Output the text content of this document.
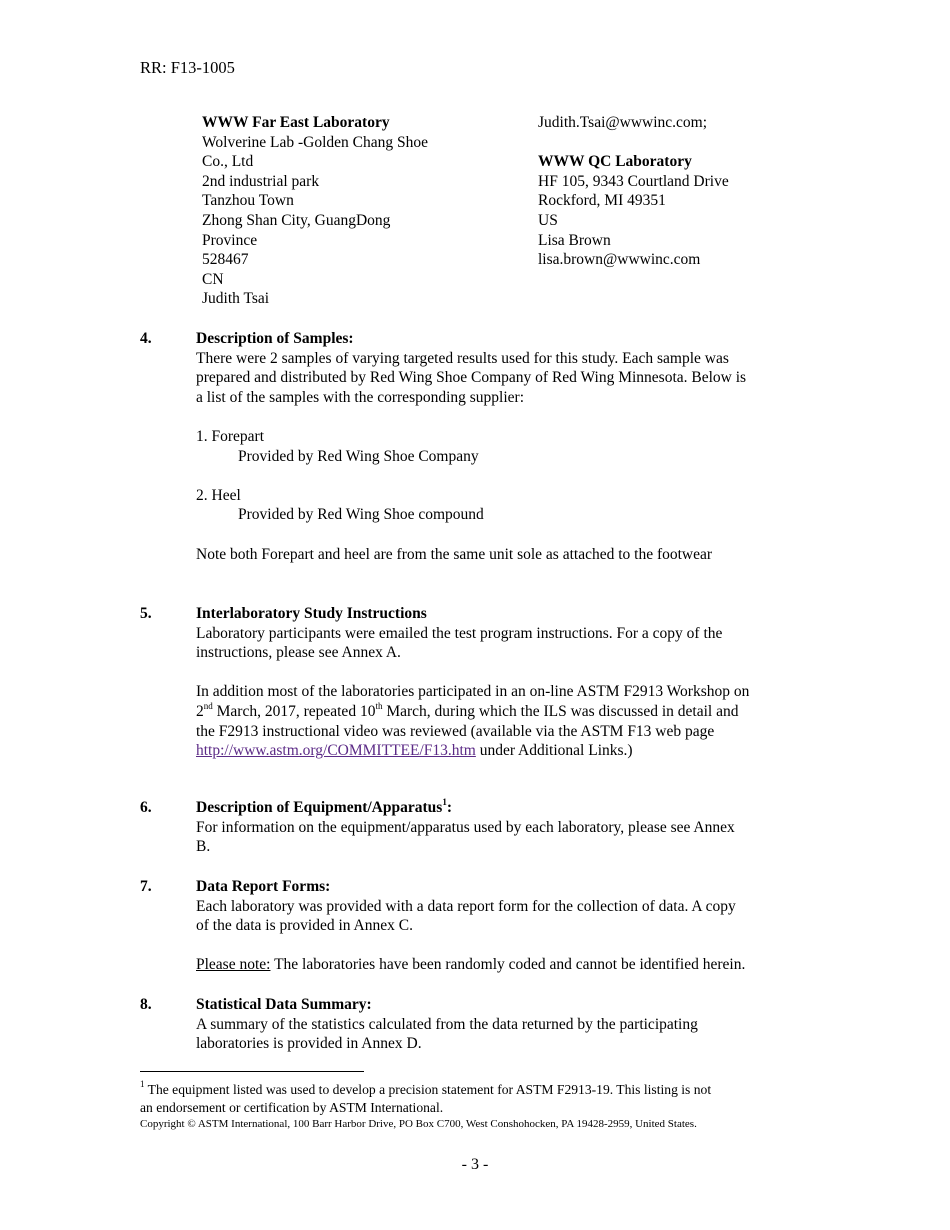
RR: F13-1005
WWW Far East Laboratory
Wolverine Lab -Golden Chang Shoe
Co., Ltd
2nd industrial park
Tanzhou Town
Zhong Shan City, GuangDong
Province
528467
CN
Judith Tsai
Judith.Tsai@wwwinc.com;

WWW QC Laboratory
HF 105, 9343 Courtland Drive
Rockford, MI 49351
US
Lisa Brown
lisa.brown@wwwinc.com
4.	Description of Samples:
There were 2 samples of varying targeted results used for this study. Each sample was
prepared and distributed by Red Wing Shoe Company of Red Wing Minnesota. Below is
a list of the samples with the corresponding supplier:

1. Forepart
Provided by Red Wing Shoe Company

2. Heel
Provided by Red Wing Shoe compound

Note both Forepart and heel are from the same unit sole as attached to the footwear
5.	Interlaboratory Study Instructions
Laboratory participants were emailed the test program instructions. For a copy of the
instructions, please see Annex A.

In addition most of the laboratories participated in an on-line ASTM F2913 Workshop on
2nd March, 2017, repeated 10th March, during which the ILS was discussed in detail and
the F2913 instructional video was reviewed (available via the ASTM F13 web page
http://www.astm.org/COMMITTEE/F13.htm under Additional Links.)
6.	Description of Equipment/Apparatus$^1$:
For information on the equipment/apparatus used by each laboratory, please see Annex
B.
7.	Data Report Forms:
Each laboratory was provided with a data report form for the collection of data. A copy
of the data is provided in Annex C.

Please note: The laboratories have been randomly coded and cannot be identified herein.
8.	Statistical Data Summary:
A summary of the statistics calculated from the data returned by the participating
laboratories is provided in Annex D.
$^1$ The equipment listed was used to develop a precision statement for ASTM F2913-19. This listing is not
an endorsement or certification by ASTM International.
Copyright © ASTM International, 100 Barr Harbor Drive, PO Box C700, West Conshohocken, PA 19428-2959, United States.
- 3 -
